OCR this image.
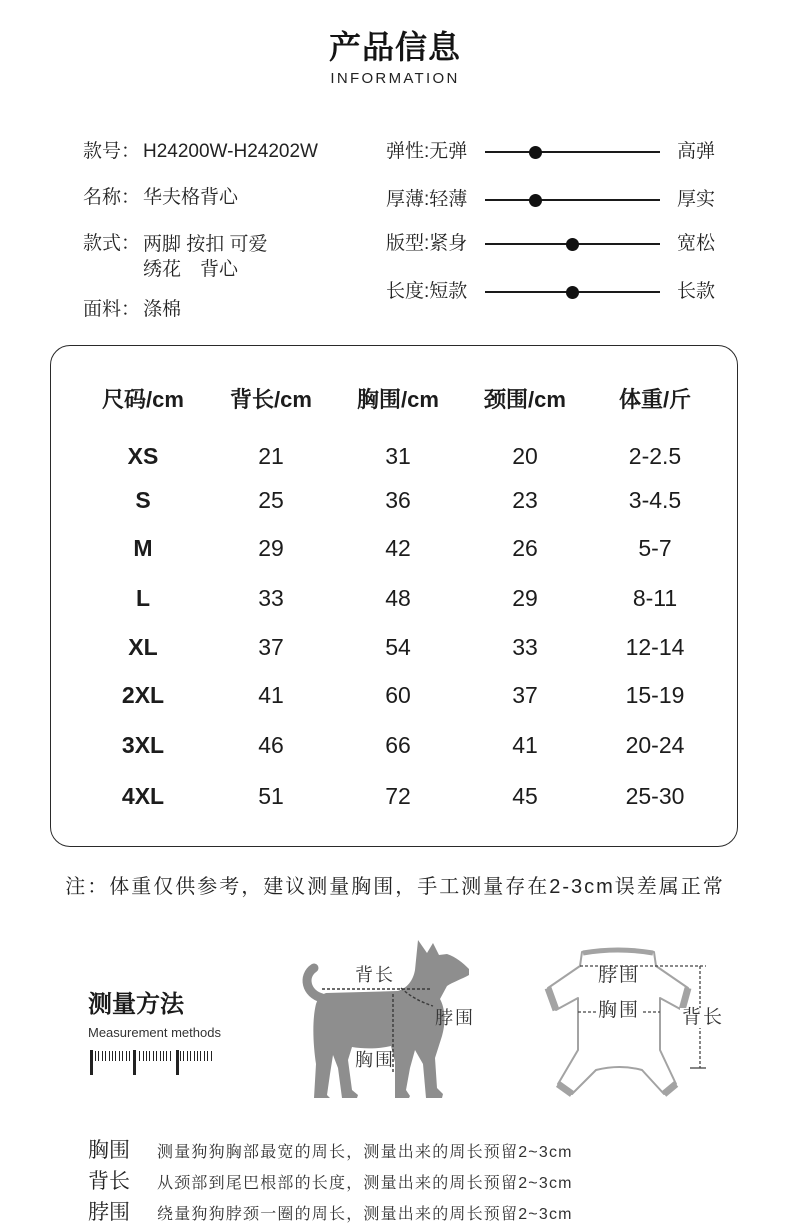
产品信息
INFORMATION
款号： H24200W-H24202W
名称： 华夫格背心
款式： 两脚 按扣 可爱
绣花　背心
面料： 涤棉
弹性:无弹	高弹
厚薄:轻薄	厚实
版型:紧身	宽松
长度:短款	长款
尺码/cm	背长/cm	胸围/cm	颈围/cm	体重/斤
XS	21	31	20	2-2.5
S	25	36	23	3-4.5
M	29	42	26	5-7
L	33	48	29	8-11
XL	37	54	33	12-14
2XL	41	60	37	15-19
3XL	46	66	41	20-24
4XL	51	72	45	25-30
注：体重仅供参考，建议测量胸围，手工测量存在2-3cm误差属正常
测量方法
Measurement methods
背长
脖围
胸围
脖围
胸围 背长
胸围	测量狗狗胸部最宽的周长，测量出来的周长预留2~3cm
背长	从颈部到尾巴根部的长度，测量出来的周长预留2~3cm
脖围	绕量狗狗脖颈一圈的周长，测量出来的周长预留2~3cm
